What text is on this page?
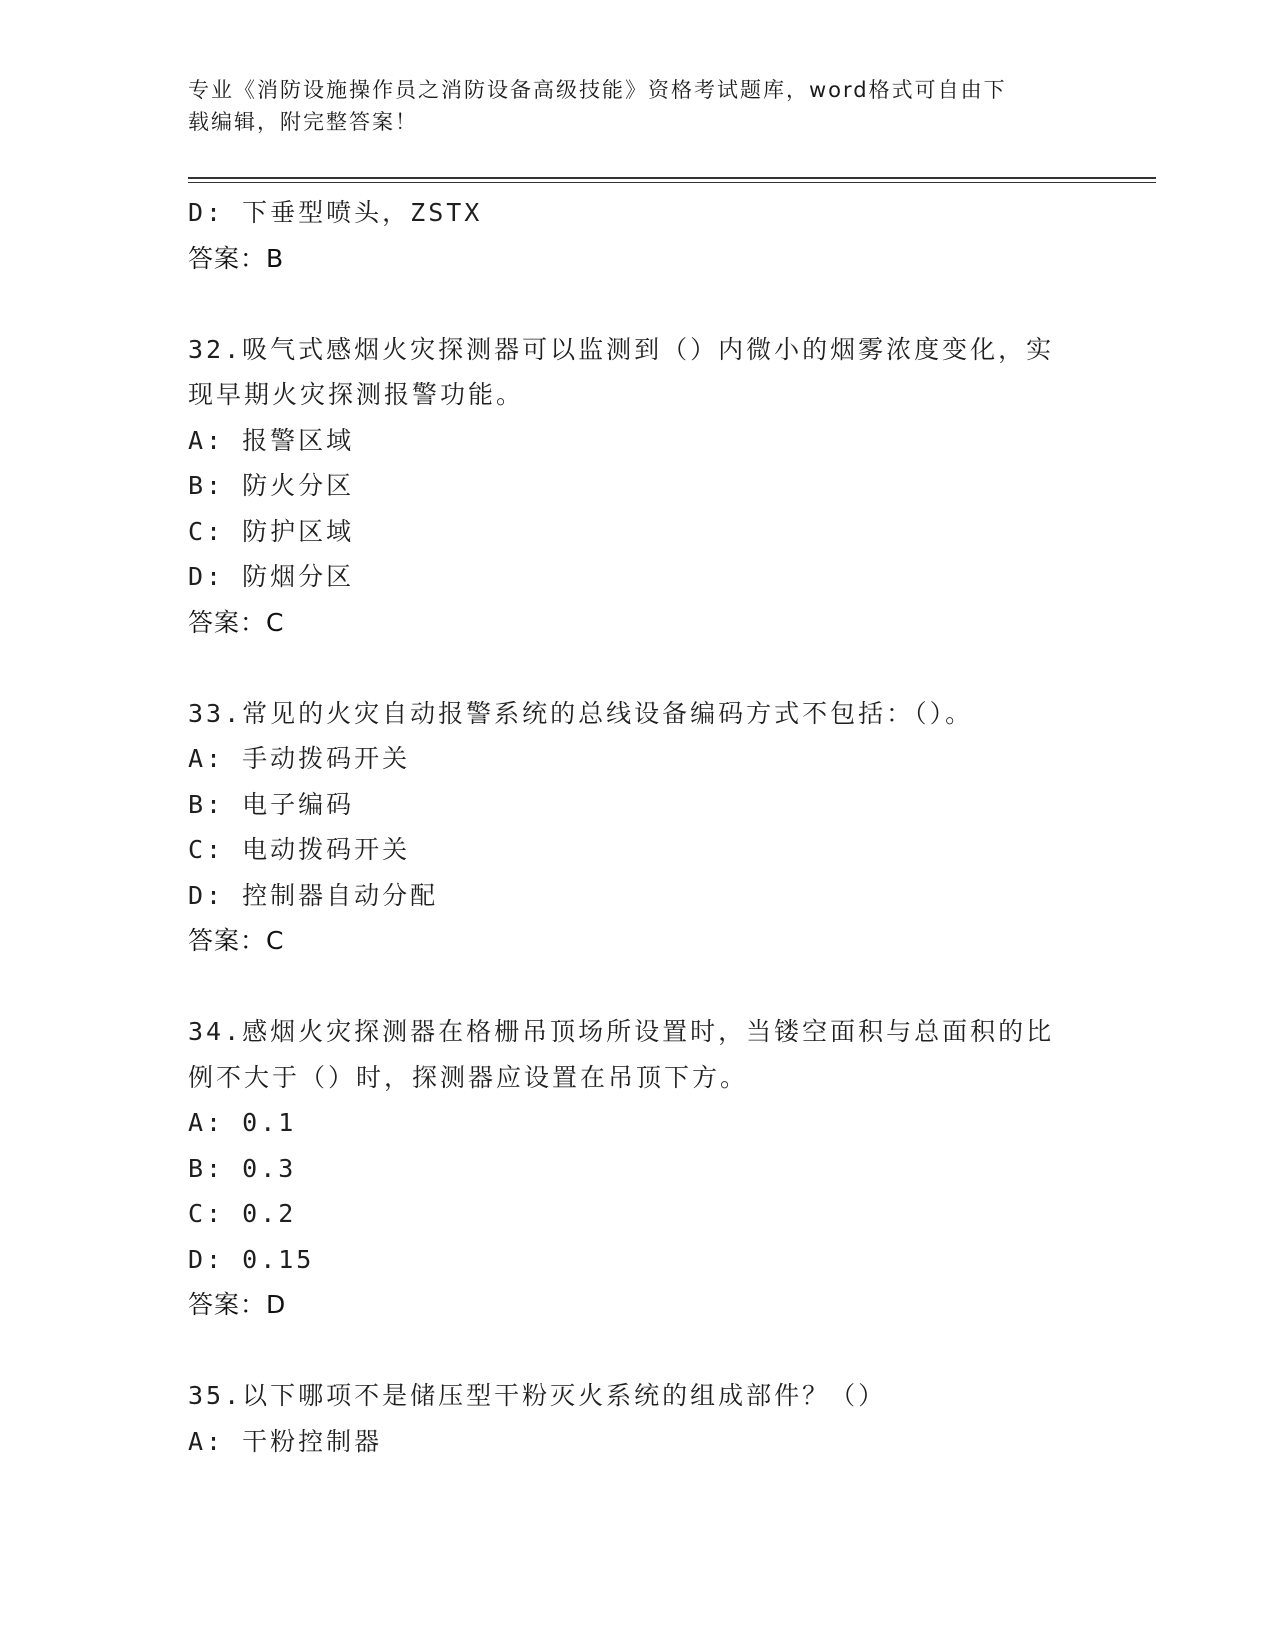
专业《消防设施操作员之消防设备高级技能》资格考试题库，word格式可自由下
载编辑，附完整答案！
D: 下垂型喷头，ZSTX
答案：B
32.吸气式感烟火灾探测器可以监测到（）内微小的烟雾浓度变化，实
现早期火灾探测报警功能。
A: 报警区域
B: 防火分区
C: 防护区域
D: 防烟分区
答案：C
33.常见的火灾自动报警系统的总线设备编码方式不包括：（）。
A: 手动拨码开关
B: 电子编码
C: 电动拨码开关
D: 控制器自动分配
答案：C
34.感烟火灾探测器在格栅吊顶场所设置时，当镂空面积与总面积的比
例不大于（）时，探测器应设置在吊顶下方。
A: 0.1
B: 0.3
C: 0.2
D: 0.15
答案：D
35.以下哪项不是储压型干粉灭火系统的组成部件？（）
A: 干粉控制器
